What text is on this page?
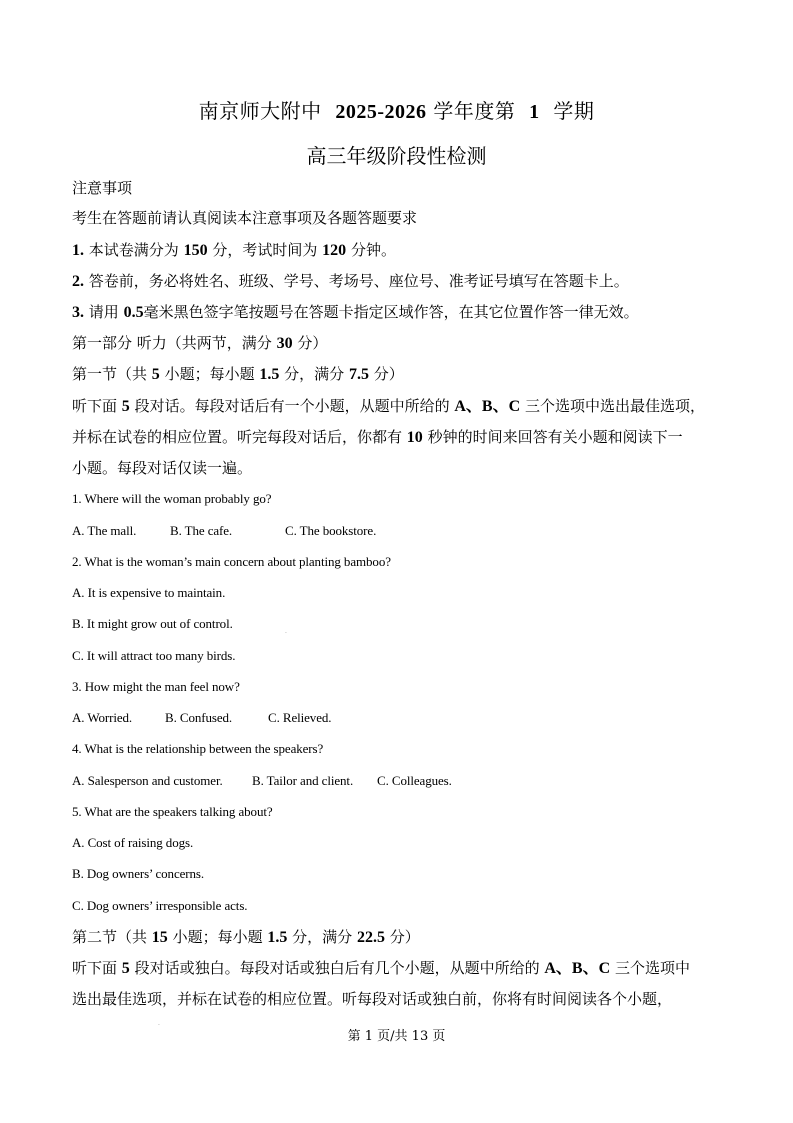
南京师大附中 2025-2026 学年度第 1 学期
高三年级阶段性检测
注意事项
考生在答题前请认真阅读本注意事项及各题答题要求
1. 本试卷满分为 150 分，考试时间为 120 分钟。
2. 答卷前，务必将姓名、班级、学号、考场号、座位号、准考证号填写在答题卡上。
3. 请用 0.5毫米黑色签字笔按题号在答题卡指定区域作答，在其它位置作答一律无效。
第一部分 听力（共两节，满分 30 分）
第一节（共 5 小题；每小题 1.5 分，满分 7.5 分）
听下面 5 段对话。每段对话后有一个小题，从题中所给的 A、B、C 三个选项中选出最佳选项，
并标在试卷的相应位置。听完每段对话后，你都有 10 秒钟的时间来回答有关小题和阅读下一
小题。每段对话仅读一遍。
1. Where will the woman probably go?
A. The mall.	B. The cafe.	C. The bookstore.
2. What is the woman’s main concern about planting bamboo?
A. It is expensive to maintain.
B. It might grow out of control.
C. It will attract too many birds.
3. How might the man feel now?
A. Worried.	B. Confused.	C. Relieved.
4. What is the relationship between the speakers?
A. Salesperson and customer. B. Tailor and client. C. Colleagues.
5. What are the speakers talking about?
A. Cost of raising dogs.
B. Dog owners’ concerns.
C. Dog owners’ irresponsible acts.
第二节（共 15 小题；每小题 1.5 分，满分 22.5 分）
听下面 5 段对话或独白。每段对话或独白后有几个小题，从题中所给的 A、B、C 三个选项中
选出最佳选项，并标在试卷的相应位置。听每段对话或独白前，你将有时间阅读各个小题，
·
·
第 1 页/共 13 页
